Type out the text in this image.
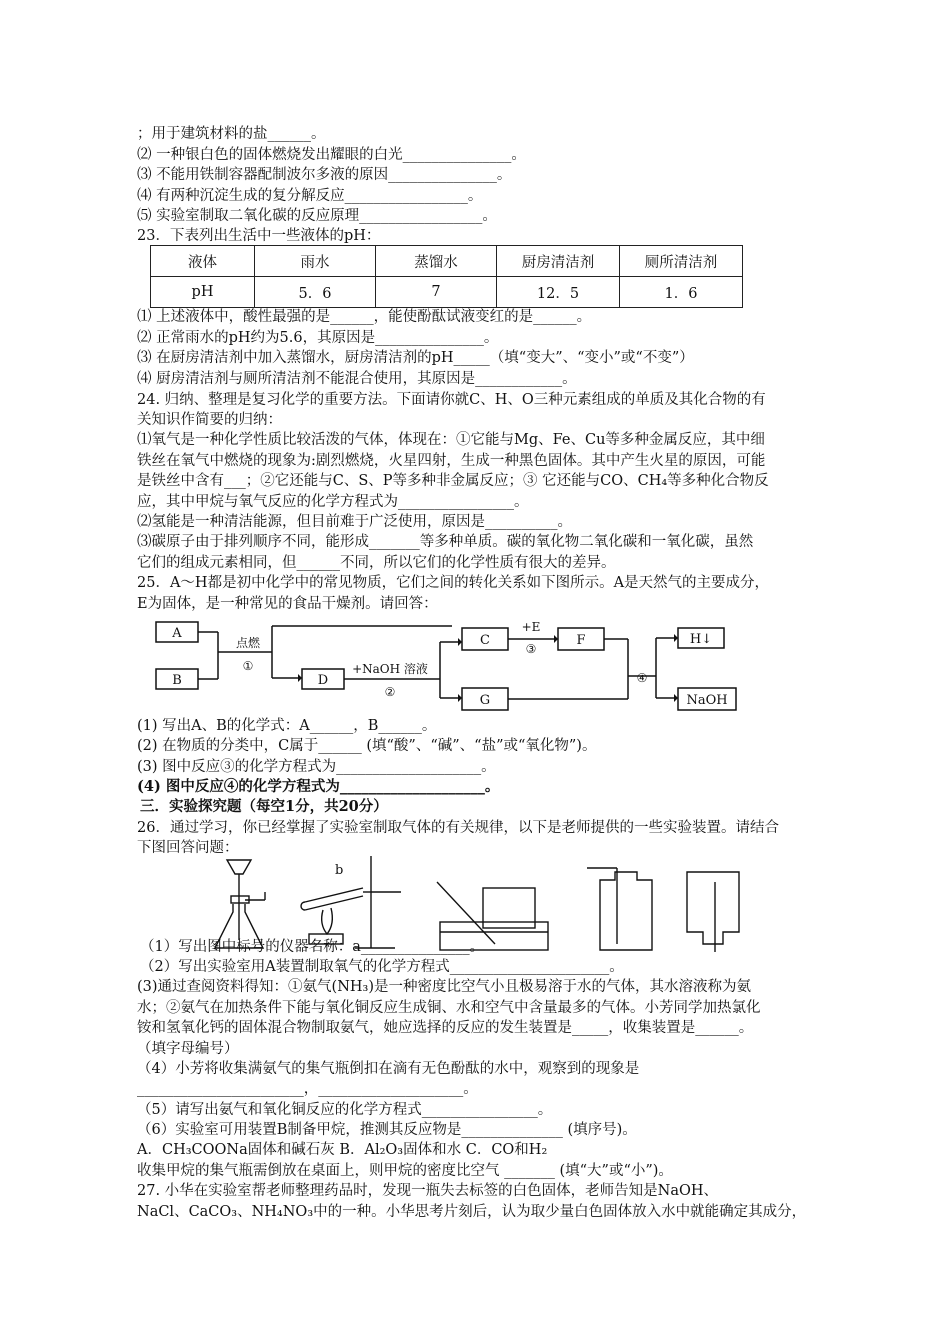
；用于建筑材料的盐______。
⑵ 一种银白色的固体燃烧发出耀眼的白光_______________。
⑶ 不能用铁制容器配制波尔多液的原因_______________。
⑷ 有两种沉淀生成的复分解反应_________________。
⑸ 实验室制取二氧化碳的反应原理_________________。
23．下表列出生活中一些液体的pH：
液体	雨水	蒸馏水	厨房清洁剂	厕所清洁剂
pH	5．6	7	12．5	1．6
⑴ 上述液体中，酸性最强的是______，能使酚酞试液变红的是______。
⑵ 正常雨水的pH约为5.6，其原因是_______________。
⑶ 在厨房清洁剂中加入蒸馏水，厨房清洁剂的pH_____（填“变大”、“变小”或“不变”）
⑷ 厨房清洁剂与厕所清洁剂不能混合使用，其原因是____________。
24. 归纳、整理是复习化学的重要方法。下面请你就C、H、O三种元素组成的单质及其化合物的有
关知识作简要的归纳：
⑴氧气是一种化学性质比较活泼的气体，体现在：①它能与Mg、Fe、Cu等多种金属反应，其中细
铁丝在氧气中燃烧的现象为:剧烈燃烧，火星四射，生成一种黑色固体。其中产生火星的原因，可能
是铁丝中含有___；②它还能与C、S、P等多种非金属反应；③ 它还能与CO、CH₄等多种化合物反
应，其中甲烷与氧气反应的化学方程式为________________。
⑵氢能是一种清洁能源，但目前难于广泛使用，原因是__________。
⑶碳原子由于排列顺序不同，能形成_______等多种单质。碳的氧化物二氧化碳和一氧化碳，虽然
它们的组成元素相同，但______不同，所以它们的化学性质有很大的差异。
25．A～H都是初中化学中的常见物质，它们之间的转化关系如下图所示。A是天然气的主要成分，
E为固体，是一种常见的食品干燥剂。请回答：
A
B	D
C
G
F	H↓
NaOH
点燃
①	+NaOH 溶液
②
+E
③
④
(1) 写出A、B的化学式：A______，B______。
(2) 在物质的分类中，C属于______ (填“酸”、“碱”、“盐”或“氧化物”)。
(3) 图中反应③的化学方程式为____________________。
(4) 图中反应④的化学方程式为____________________。
三．实验探究题（每空1分，共20分）
26．通过学习，你已经掌握了实验室制取气体的有关规律，以下是老师提供的一些实验装置。请结合
下图回答问题：
b
（1）写出图中标号的仪器名称：a_______________。
（2）写出实验室用A装置制取氧气的化学方程式______________________。
(3)通过查阅资料得知：①氨气(NH₃)是一种密度比空气小且极易溶于水的气体，其水溶液称为氨
水；②氨气在加热条件下能与氧化铜反应生成铜、水和空气中含量最多的气体。小芳同学加热氯化
铵和氢氧化钙的固体混合物制取氨气，她应选择的反应的发生装置是_____，收集装置是______。
（填字母编号）
（4）小芳将收集满氨气的集气瓶倒扣在滴有无色酚酞的水中，观察到的现象是
_______________________，____________________。
（5）请写出氨气和氧化铜反应的化学方程式________________。
（6）实验室可用装置B制备甲烷，推测其反应物是______________ (填序号)。
A．CH₃COONa固体和碱石灰 B．Al₂O₃固体和水 C．CO和H₂
收集甲烷的集气瓶需倒放在桌面上，则甲烷的密度比空气 _______ (填“大”或“小”)。
27. 小华在实验室帮老师整理药品时，发现一瓶失去标签的白色固体，老师告知是NaOH、
NaCl、CaCO₃、NH₄NO₃中的一种。小华思考片刻后，认为取少量白色固体放入水中就能确定其成分，
